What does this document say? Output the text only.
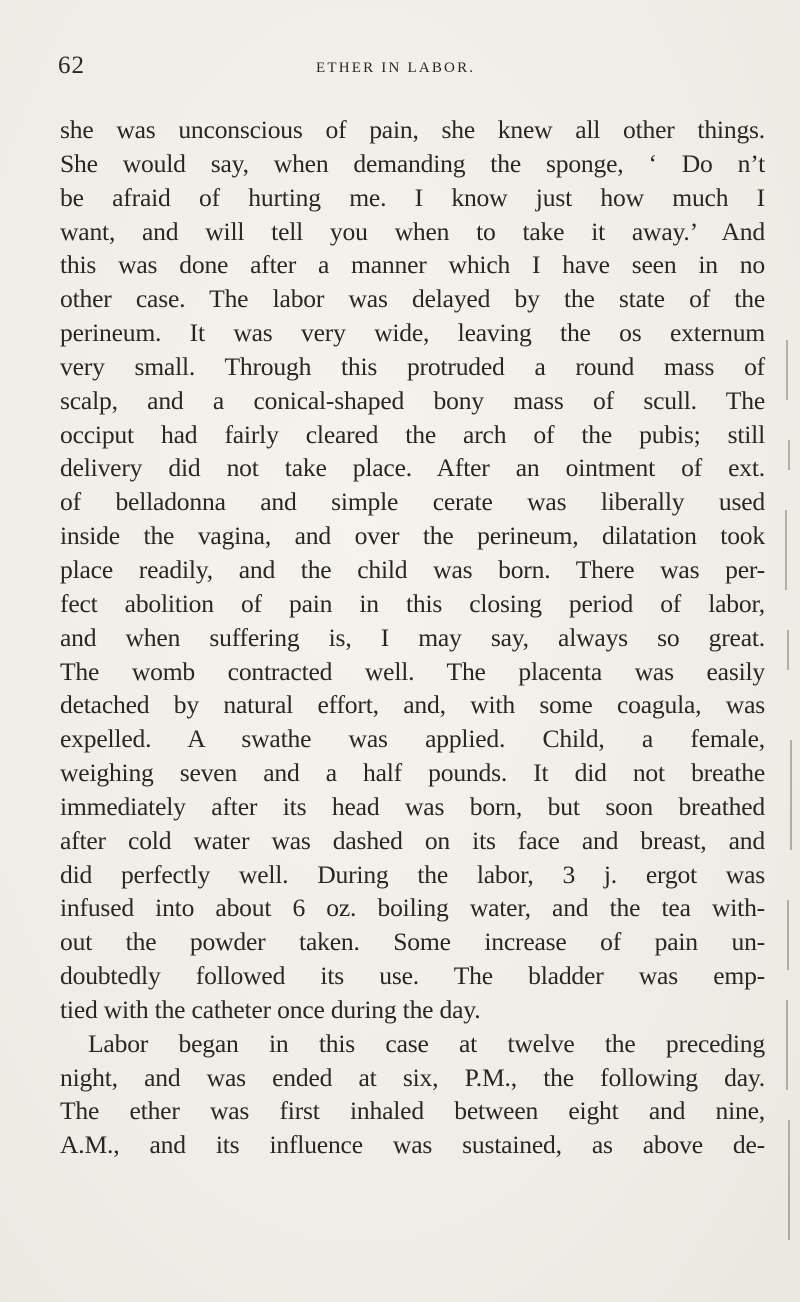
62	ETHER IN LABOR.
she was unconscious of pain, she knew all other things.
She would say, when demanding the sponge, ‘ Do n’t
be afraid of hurting me. I know just how much I
want, and will tell you when to take it away.’ And
this was done after a manner which I have seen in no
other case. The labor was delayed by the state of the
perineum. It was very wide, leaving the os externum
very small. Through this protruded a round mass of
scalp, and a conical-shaped bony mass of scull. The
occiput had fairly cleared the arch of the pubis; still
delivery did not take place. After an ointment of ext.
of belladonna and simple cerate was liberally used
inside the vagina, and over the perineum, dilatation took
place readily, and the child was born. There was per-
fect abolition of pain in this closing period of labor,
and when suffering is, I may say, always so great.
The womb contracted well. The placenta was easily
detached by natural effort, and, with some coagula, was
expelled. A swathe was applied. Child, a female,
weighing seven and a half pounds. It did not breathe
immediately after its head was born, but soon breathed
after cold water was dashed on its face and breast, and
did perfectly well. During the labor, 3 j. ergot was
infused into about 6 oz. boiling water, and the tea with-
out the powder taken. Some increase of pain un-
doubtedly followed its use. The bladder was emp-
tied with the catheter once during the day.
Labor began in this case at twelve the preceding
night, and was ended at six, P.M., the following day.
The ether was first inhaled between eight and nine,
A.M., and its influence was sustained, as above de-
